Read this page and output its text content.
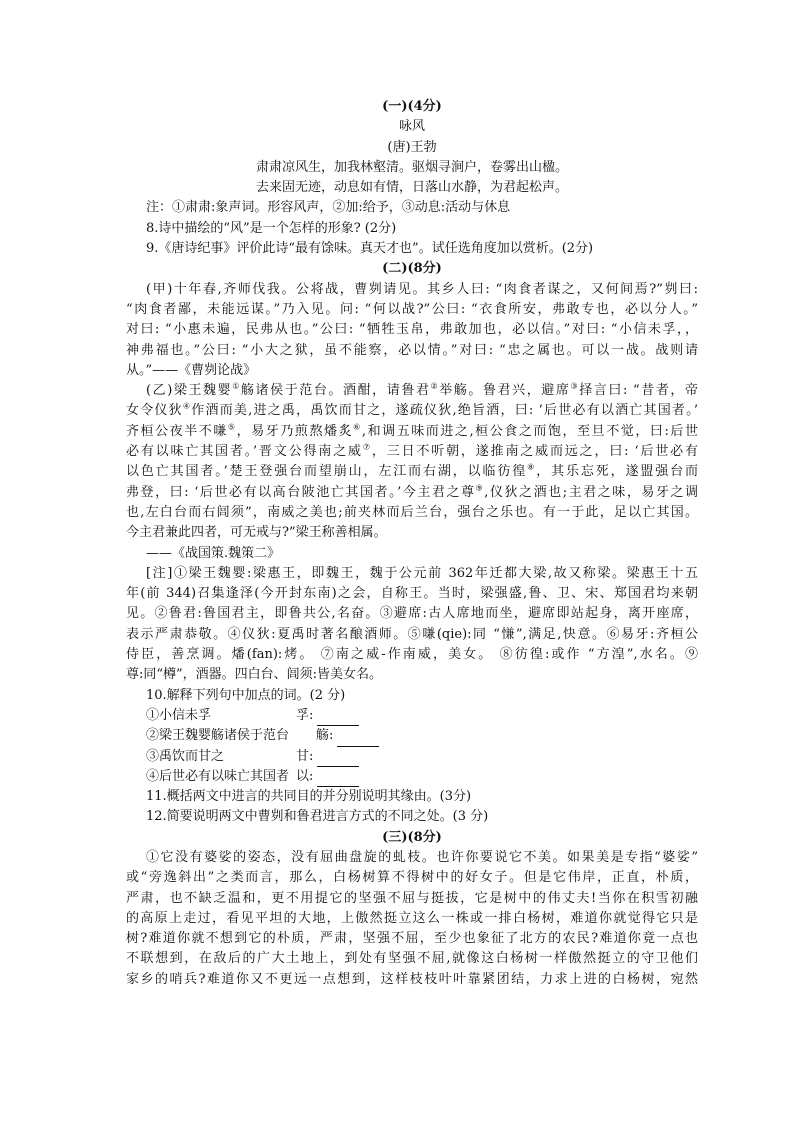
(一)(4分)
咏风
(唐)王勃
肃肃凉风生，加我林壑清。驱烟寻涧户，卷雾出山楹。
去来固无迹，动息如有情，日落山水静，为君起松声。
注：①肃肃:象声词。形容风声，②加:给予，③动息:活动与休息
8.诗中描绘的“风”是一个怎样的形象? (2分)
9.《唐诗纪事》评价此诗“最有馀味。真天才也”。试任选角度加以赏析。(2分)
(二)(8分)
(甲)十年春,齐师伐我。公将战，曹刿请见。其乡人曰: “肉食者谋之，又何间焉?”刿曰:
“肉食者鄙，未能远谋。”乃入见。问: “何以战?”公曰: “衣食所安，弗敢专也，必以分人。”
对曰: “小惠未遍，民弗从也。”公曰: “牺牲玉帛，弗敢加也，必以信。”对曰: “小信未孚，，
神弗福也。”公曰: “小大之狱，虽不能察，必以情。”对曰: “忠之属也。可以一战。战则请
从。”——《曹刿论战》
(乙)梁王魏婴①觞诸侯于范台。酒酣，请鲁君②举觞。鲁君兴，避席③择言曰: “昔者，帝
女令仪狄④作酒而美,进之禹，禹饮而甘之，遂疏仪狄,绝旨酒，曰: ‘后世必有以酒亡其国者。’
齐桓公夜半不嗛⑤，易牙乃煎熬燔炙⑥,和调五味而进之,桓公食之而饱，至旦不觉，曰:后世
必有以味亡其国者。’晋文公得南之威⑦，三日不听朝，遂推南之威而远之，曰: ‘后世必有
以色亡其国者。’楚王登强台而望崩山，左江而右湖，以临彷徨⑧，其乐忘死，遂盟强台而
弗登，曰: ‘后世必有以高台陂池亡其国者。’今主君之尊⑨,仪狄之酒也;主君之味，易牙之调
也,左白台而右闾须”，南威之美也;前夹林而后兰台，强台之乐也。有一于此，足以亡其国。
今主君兼此四者，可无戒与?”梁王称善相属。
——《战国策.魏策二》
[注]①梁王魏婴:梁惠王，即魏王，魏于公元前 362年迁都大梁,故又称梁。梁惠王十五
年(前 344)召集逢泽(今开封东南)之会，自称王。当时，梁强盛,鲁、卫、宋、郑国君均来朝
见。②鲁君:鲁国君主，即鲁共公,名奋。③避席:古人席地而坐，避席即站起身，离开座席，
表示严肃恭敬。④仪狄:夏禹时著名酿酒师。⑤嗛(qie):同 “慊”,满足,快意。⑥易牙:齐桓公
侍臣，善烹调。燔(fan):烤。 ⑦南之威-作南威，美女。 ⑧彷徨:或作 “方湟”,水名。⑨
尊:同“樽”，酒器。四白台、闾须:皆美女名。
10.解释下列句中加点的词。(2 分)
①小信未孚	孚:
②梁王魏婴觞诸侯于范台 觞:
③禹饮而甘之	甘:
④后世必有以味亡其国者 以:
11.概括两文中进言的共同目的并分别说明其缘由。(3分)
12.简要说明两文中曹刿和鲁君进言方式的不同之处。(3 分)
(三)(8分)
①它没有婆娑的姿态，没有屈曲盘旋的虬枝。也许你要说它不美。如果美是专指“婆娑”
或“旁逸斜出”之类而言，那么，白杨树算不得树中的好女子。但是它伟岸，正直，朴质，
严肃，也不缺乏温和，更不用提它的坚强不屈与挺拔，它是树中的伟丈夫!当你在积雪初融
的高原上走过，看见平坦的大地，上傲然挺立这么一株或一排白杨树，难道你就觉得它只是
树?难道你就不想到它的朴质，严肃，坚强不屈，至少也象征了北方的农民?难道你竟一点也
不联想到，在敌后的广大土地上，到处有坚强不屈,就像这白杨树一样傲然挺立的守卫他们
家乡的哨兵?难道你又不更远一点想到，这样枝枝叶叶靠紧团结，力求上进的白杨树，宛然
